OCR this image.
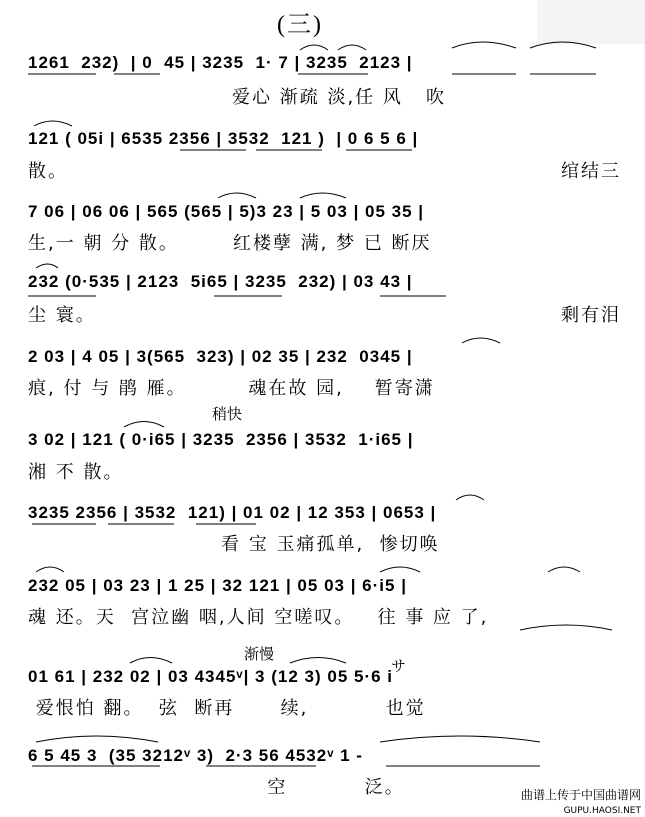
(三)
稍快
渐慢
サ
1261  232)  | 0  45 | 3235  1· 7 | 3235  2123 |
爱心 渐疏 淡,任 风   吹
121 ( 05i | 6535 2356 | 3532  121 )  | 0 6 5 6 |
散。	绾结三
7 06 | 06 06 | 565 (565 | 5)3 23 | 5 03 | 05 35 |
生,一 朝 分 散。       红楼孽 满, 梦 已 断厌
232 (0·535 | 2123  5i65 | 3235  232) | 03 43 |
尘 寰。	剩有泪
2 03 | 4 05 | 3(565  323) | 02 35 | 232  0345 |
痕, 付 与 鹃 雁。        魂在故 园,    暂寄潇
3 02 | 121 ( 0·i65 | 3235  2356 | 3532  1·i65 |
湘 不 散。
3235 2356 | 3532  121) | 01 02 | 12 353 | 0653 |
看 宝 玉痛孤单,  惨切唤
232 05 | 03 23 | 1 25 | 32 121 | 05 03 | 6·i5 |
魂 还。天  宫泣幽 咽,人间 空嗟叹。   往 事 应 了,
01 61 | 232 02 | 03 4345ᵛ| 3 (12 3) 05 5·6 i
爱恨怕 翻。  弦  断再      续,          也觉
6 5 45 3  (35 3212ᵛ 3)  2·3 56 4532ᵛ 1 -
空          泛。	曲谱上传于中国曲谱网
GUPU.HAOSI.NET
